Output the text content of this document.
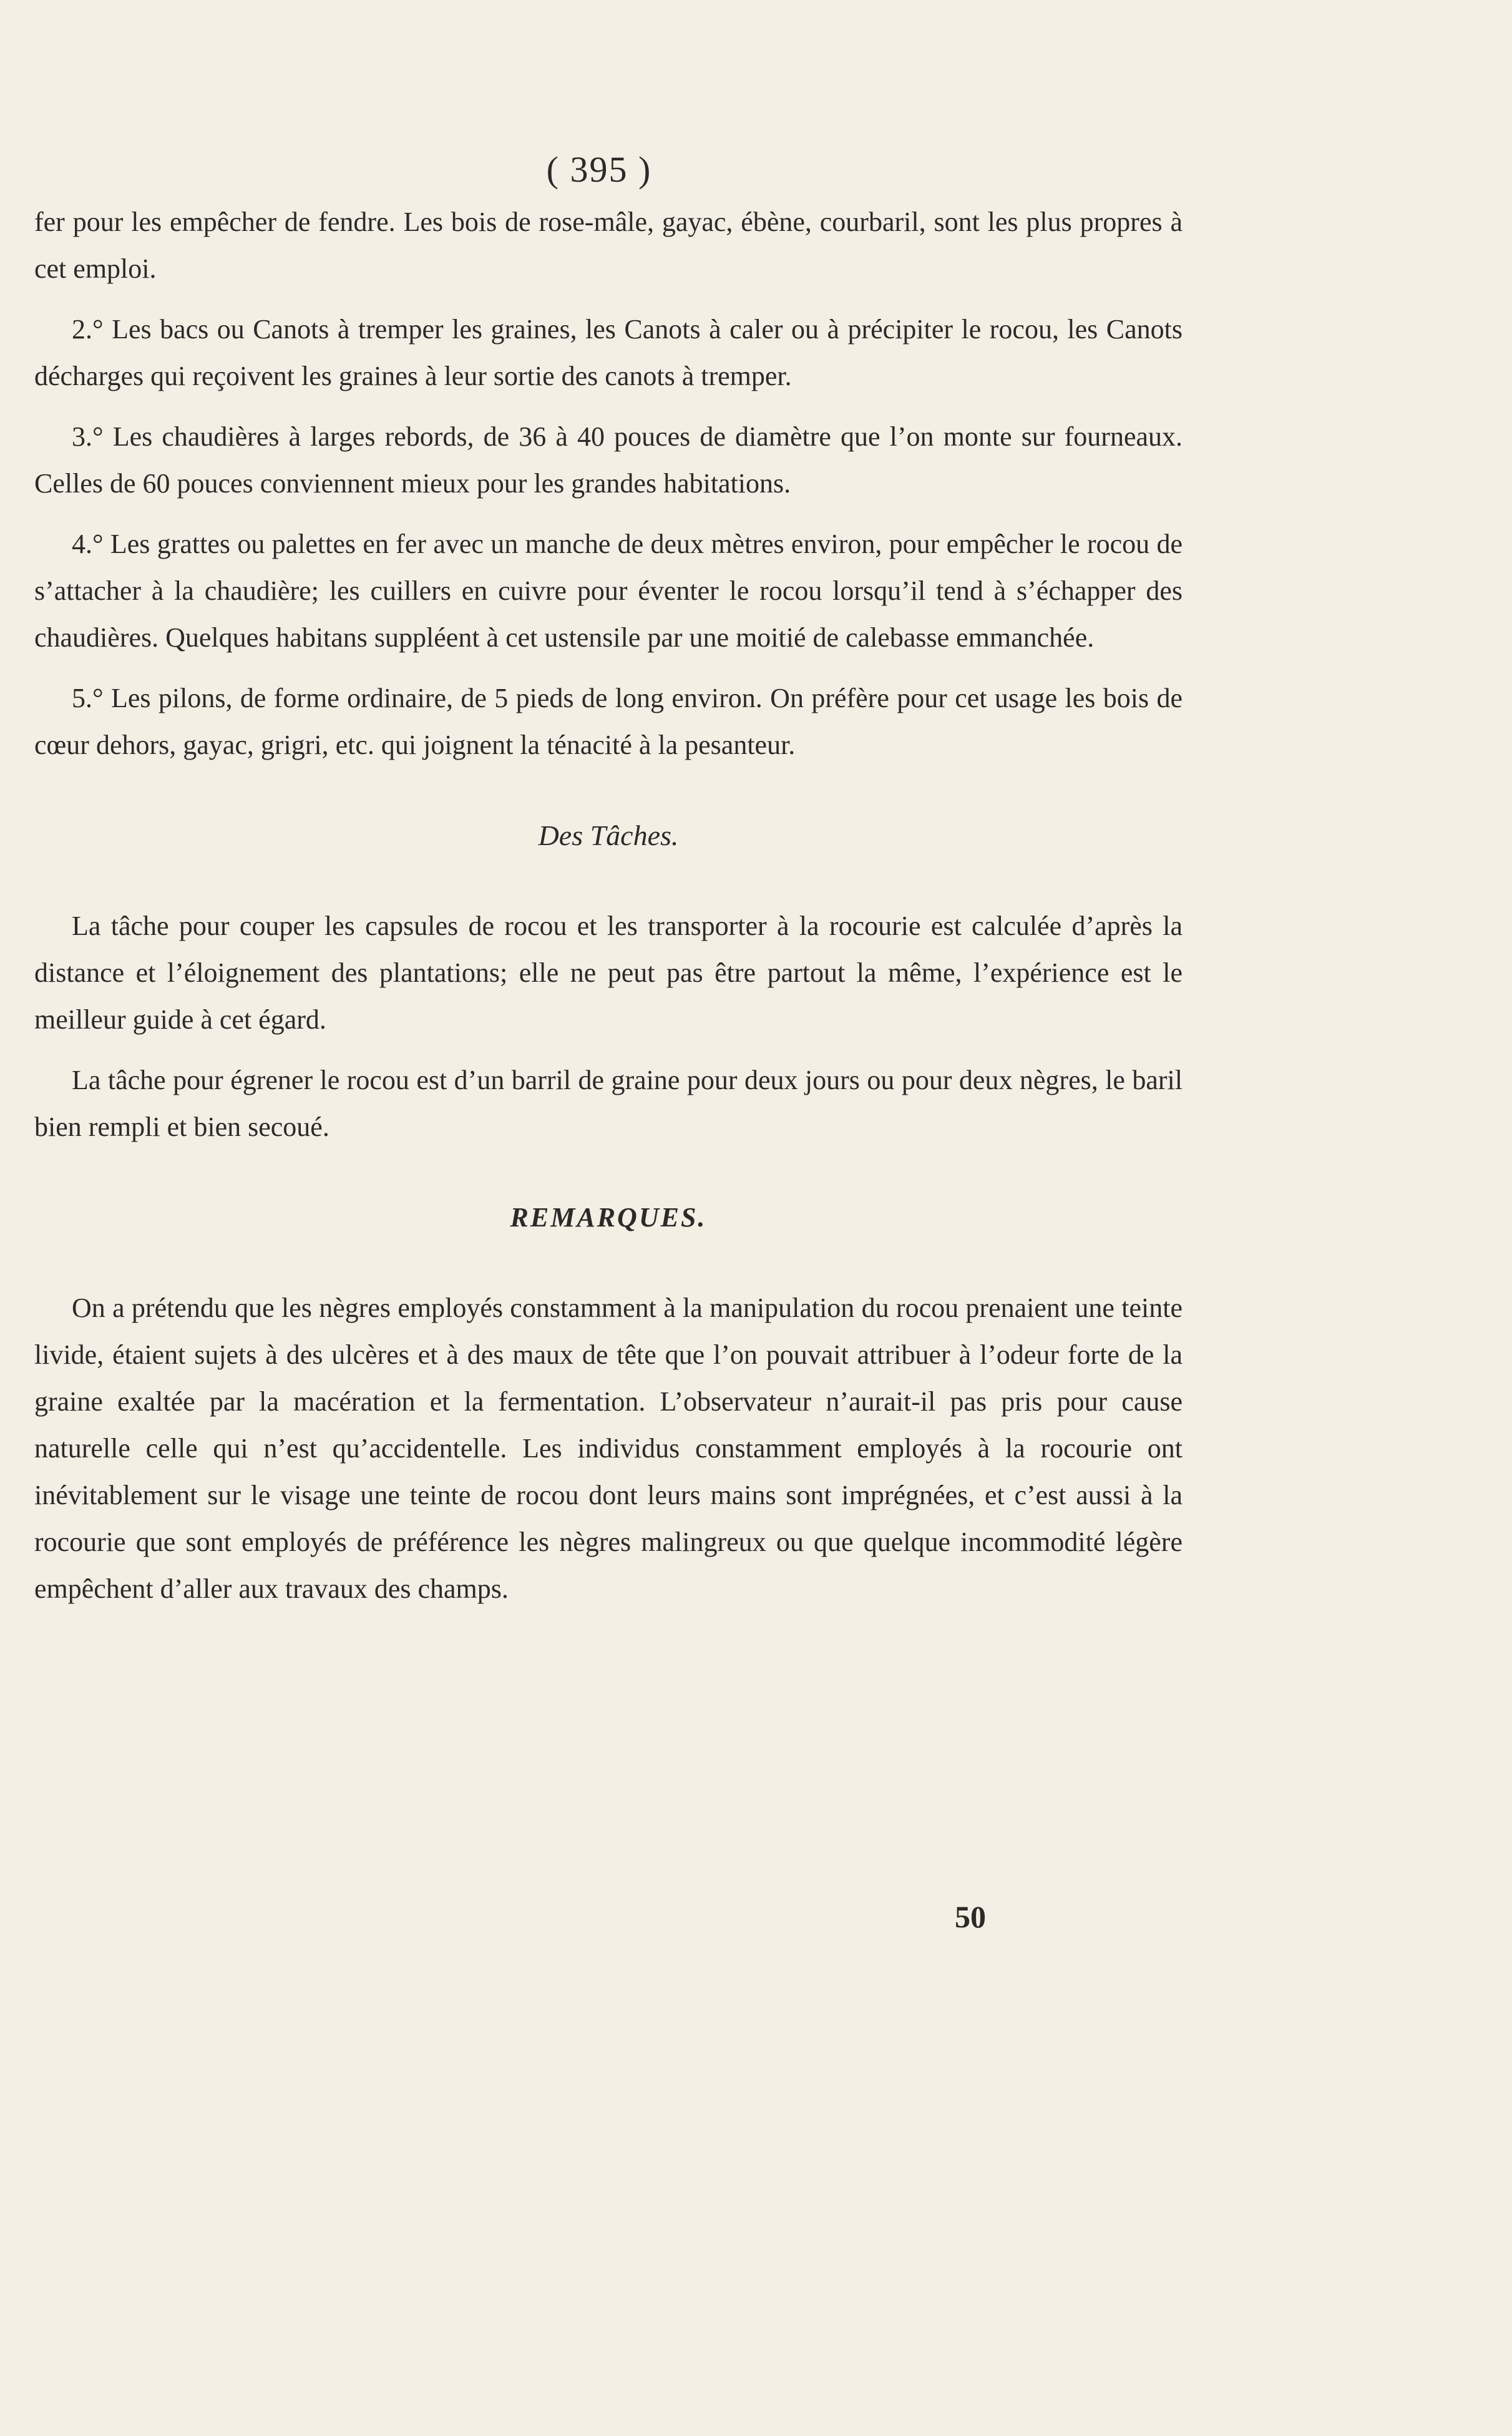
( 395 )

fer pour les empêcher de fendre. Les bois de rose-mâle, gayac, ébène, courbaril, sont les plus propres à cet emploi.

2.° Les bacs ou Canots à tremper les graines, les Canots à caler ou à précipiter le rocou, les Canots décharges qui reçoivent les graines à leur sortie des canots à tremper.

3.° Les chaudières à larges rebords, de 36 à 40 pouces de diamètre que l’on monte sur fourneaux. Celles de 60 pouces conviennent mieux pour les grandes habitations.

4.° Les grattes ou palettes en fer avec un manche de deux mètres environ, pour empêcher le rocou de s’attacher à la chaudière; les cuillers en cuivre pour éventer le rocou lorsqu’il tend à s’échapper des chaudières. Quelques habitans suppléent à cet ustensile par une moitié de calebasse emmanchée.

5.° Les pilons, de forme ordinaire, de 5 pieds de long environ. On préfère pour cet usage les bois de cœur dehors, gayac, grigri, etc. qui joignent la ténacité à la pesanteur.

Des Tâches.

La tâche pour couper les capsules de rocou et les transporter à la rocourie est calculée d’après la distance et l’éloignement des plantations; elle ne peut pas être partout la même, l’expérience est le meilleur guide à cet égard.

La tâche pour égrener le rocou est d’un barril de graine pour deux jours ou pour deux nègres, le baril bien rempli et bien secoué.

REMARQUES.

On a prétendu que les nègres employés constamment à la manipulation du rocou prenaient une teinte livide, étaient sujets à des ulcères et à des maux de tête que l’on pouvait attribuer à l’odeur forte de la graine exaltée par la macération et la fermentation. L’observateur n’aurait-il pas pris pour cause naturelle celle qui n’est qu’accidentelle. Les individus constamment employés à la rocourie ont inévitablement sur le visage une teinte de rocou dont leurs mains sont imprégnées, et c’est aussi à la rocourie que sont employés de préférence les nègres malingreux ou que quelque incommodité légère empêchent d’aller aux travaux des champs.

50
